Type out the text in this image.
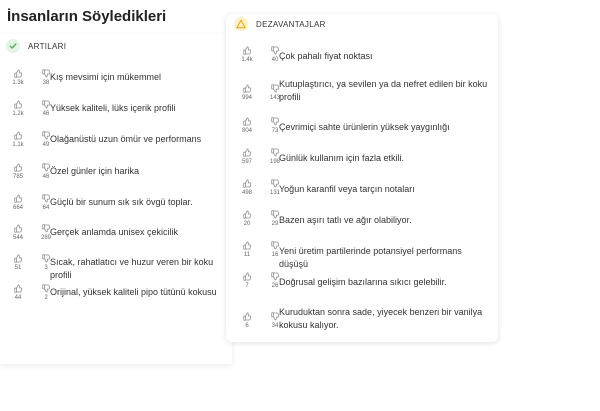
İnsanların Söyledikleri
ARTILARI
1.3k	38
Kış mevsimi için mükemmel
1.2k	46
Yüksek kaliteli, lüks içerik profili
1.1k	49
Olağanüstü uzun ömür ve performans
785	46
Özel günler için harika
664	64
Güçlü bir sunum sık sık övgü toplar.
544	289
Gerçek anlamda unisex çekicilik
51	3
Sıcak, rahatlatıcı ve huzur veren bir koku profili
44	2
Orijinal, yüksek kaliteli pipo tütünü kokusu
DEZAVANTAJLAR
1.4k	40 Çok pahalı fiyat noktası
994	143
Kutuplaştırıcı, ya sevilen ya da nefret edilen bir koku profili
804	73 Çevrimiçi sahte ürünlerin yüksek yaygınlığı
597	198 Günlük kullanım için fazla etkili.
498	131 Yoğun karanfil veya tarçın notaları
20	29 Bazen aşırı tatlı ve ağır olabiliyor.
11	16 Yeni üretim partilerinde potansiyel performans düşüşü
7	26 Doğrusal gelişim bazılarına sıkıcı gelebilir.
6	34
Kuruduktan sonra sade, yiyecek benzeri bir vanilya kokusu kalıyor.
